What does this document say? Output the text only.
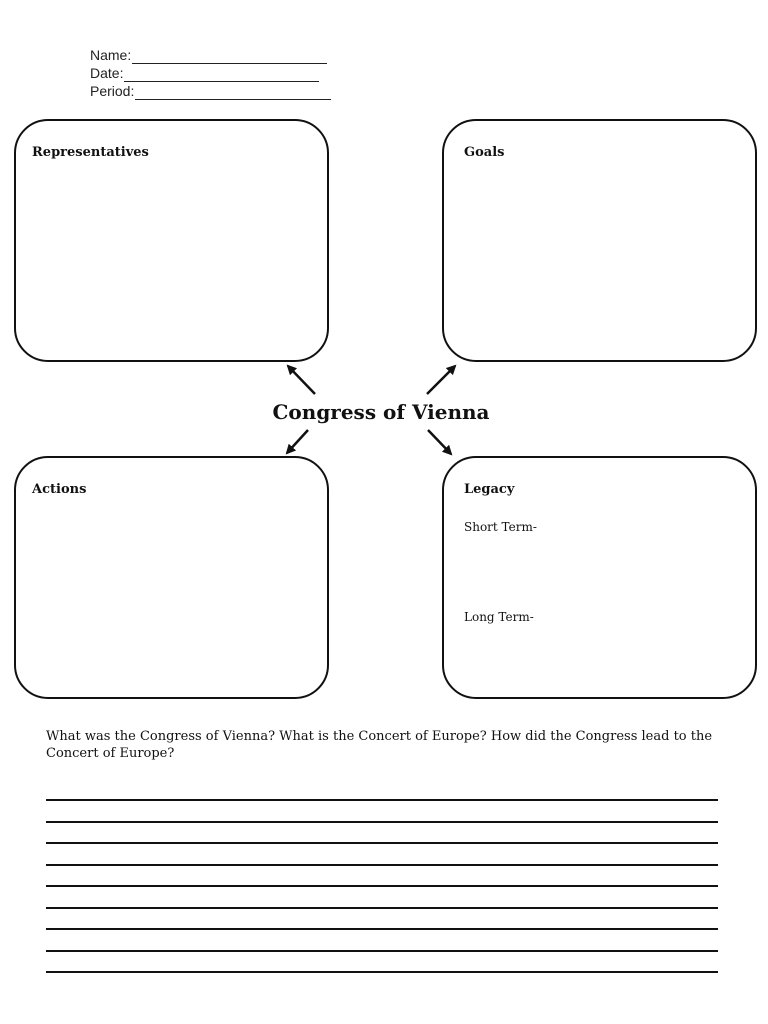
Name:
Date:
Period:
Representatives	Goals
Actions	Legacy
Short Term-
Long Term-
Congress of Vienna
What was the Congress of Vienna? What is the Concert of Europe? How did the Congress lead to the Concert of Europe?
